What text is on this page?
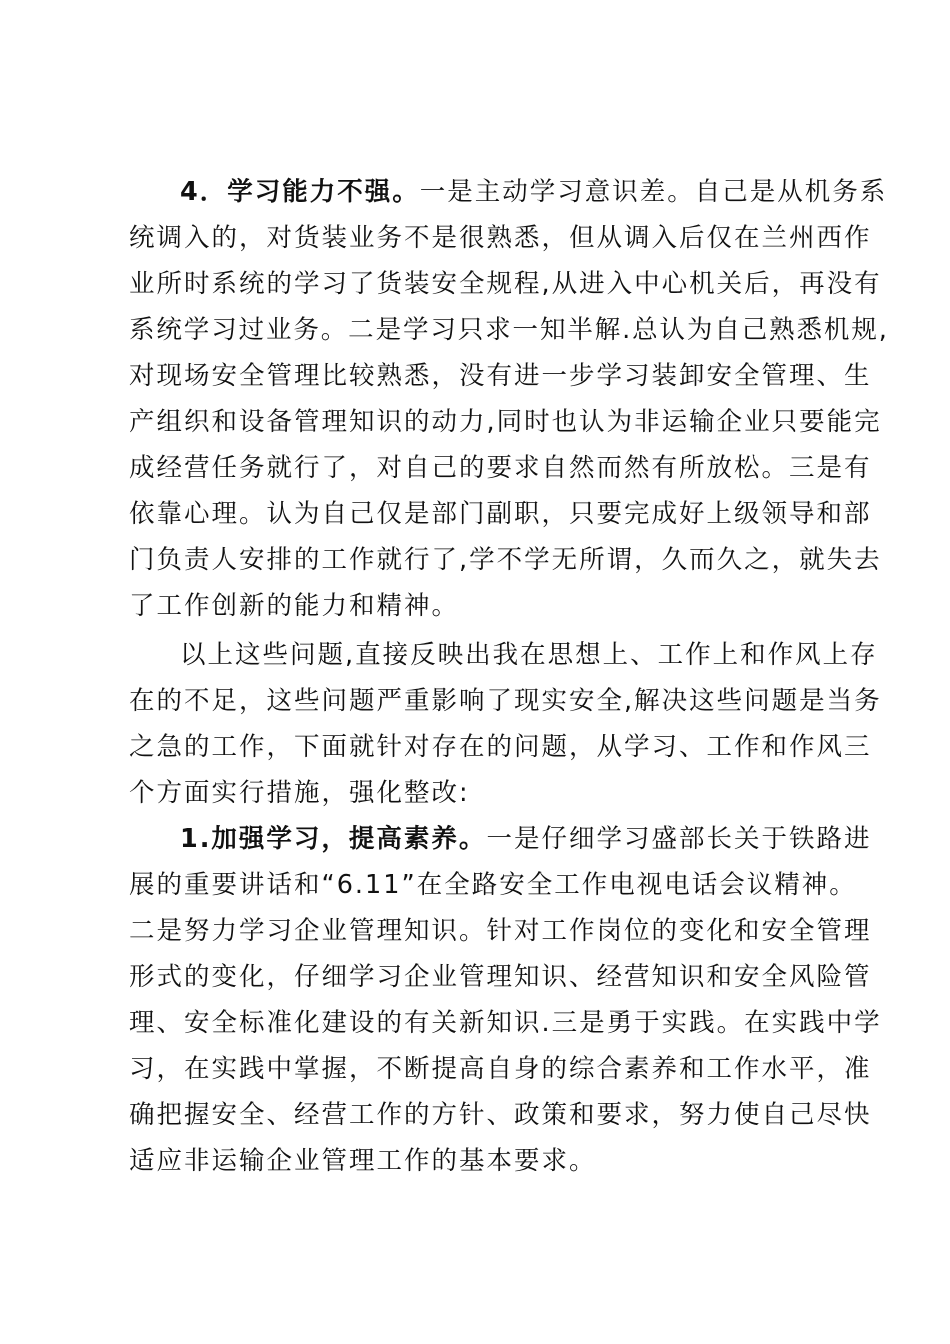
4．学习能力不强。一是主动学习意识差。自己是从机务系
统调入的，对货装业务不是很熟悉，但从调入后仅在兰州西作
业所时系统的学习了货装安全规程,从进入中心机关后，再没有
系统学习过业务。二是学习只求一知半解.总认为自己熟悉机规,
对现场安全管理比较熟悉，没有进一步学习装卸安全管理、生
产组织和设备管理知识的动力,同时也认为非运输企业只要能完
成经营任务就行了，对自己的要求自然而然有所放松。三是有
依靠心理。认为自己仅是部门副职，只要完成好上级领导和部
门负责人安排的工作就行了,学不学无所谓，久而久之，就失去
了工作创新的能力和精神。
以上这些问题,直接反映出我在思想上、工作上和作风上存
在的不足，这些问题严重影响了现实安全,解决这些问题是当务
之急的工作，下面就针对存在的问题，从学习、工作和作风三
个方面实行措施，强化整改:
1.加强学习，提高素养。一是仔细学习盛部长关于铁路进
展的重要讲话和“6.11”在全路安全工作电视电话会议精神。
二是努力学习企业管理知识。针对工作岗位的变化和安全管理
形式的变化，仔细学习企业管理知识、经营知识和安全风险管
理、安全标准化建设的有关新知识.三是勇于实践。在实践中学
习，在实践中掌握，不断提高自身的综合素养和工作水平，准
确把握安全、经营工作的方针、政策和要求，努力使自己尽快
适应非运输企业管理工作的基本要求。
